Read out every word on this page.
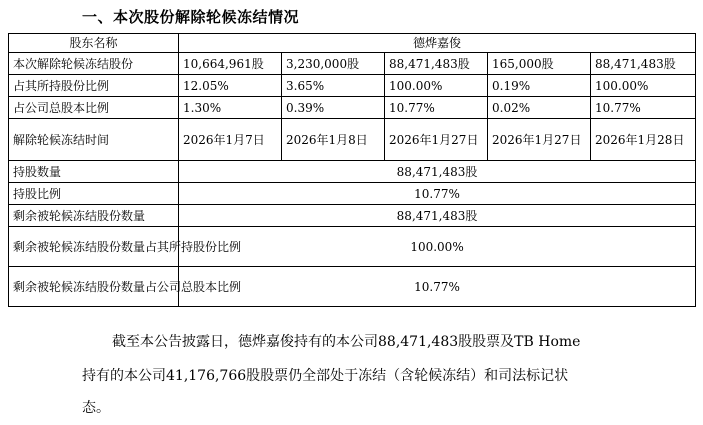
一、本次股份解除轮候冻结情况
股东名称	德烨嘉俊				
本次解除轮候冻结股份	10,664,961股	3,230,000股	88,471,483股	165,000股	88,471,483股
占其所持股份比例	12.05%	3.65%	100.00%	0.19%	100.00%
占公司总股本比例	1.30%	0.39%	10.77%	0.02%	10.77%
解除轮候冻结时间	2026年1月7日	2026年1月8日	2026年1月27日	2026年1月27日	2026年1月28日
持股数量	88,471,483股				
持股比例	10.77%				
剩余被轮候冻结股份数量	88,471,483股				
剩余被轮候冻结股份数量占其所持股份比例	100.00%				
剩余被轮候冻结股份数量占公司总股本比例	10.77%				
截至本公告披露日，德烨嘉俊持有的本公司88,471,483股股票及TB Home
持有的本公司41,176,766股股票仍全部处于冻结（含轮候冻结）和司法标记状
态。
